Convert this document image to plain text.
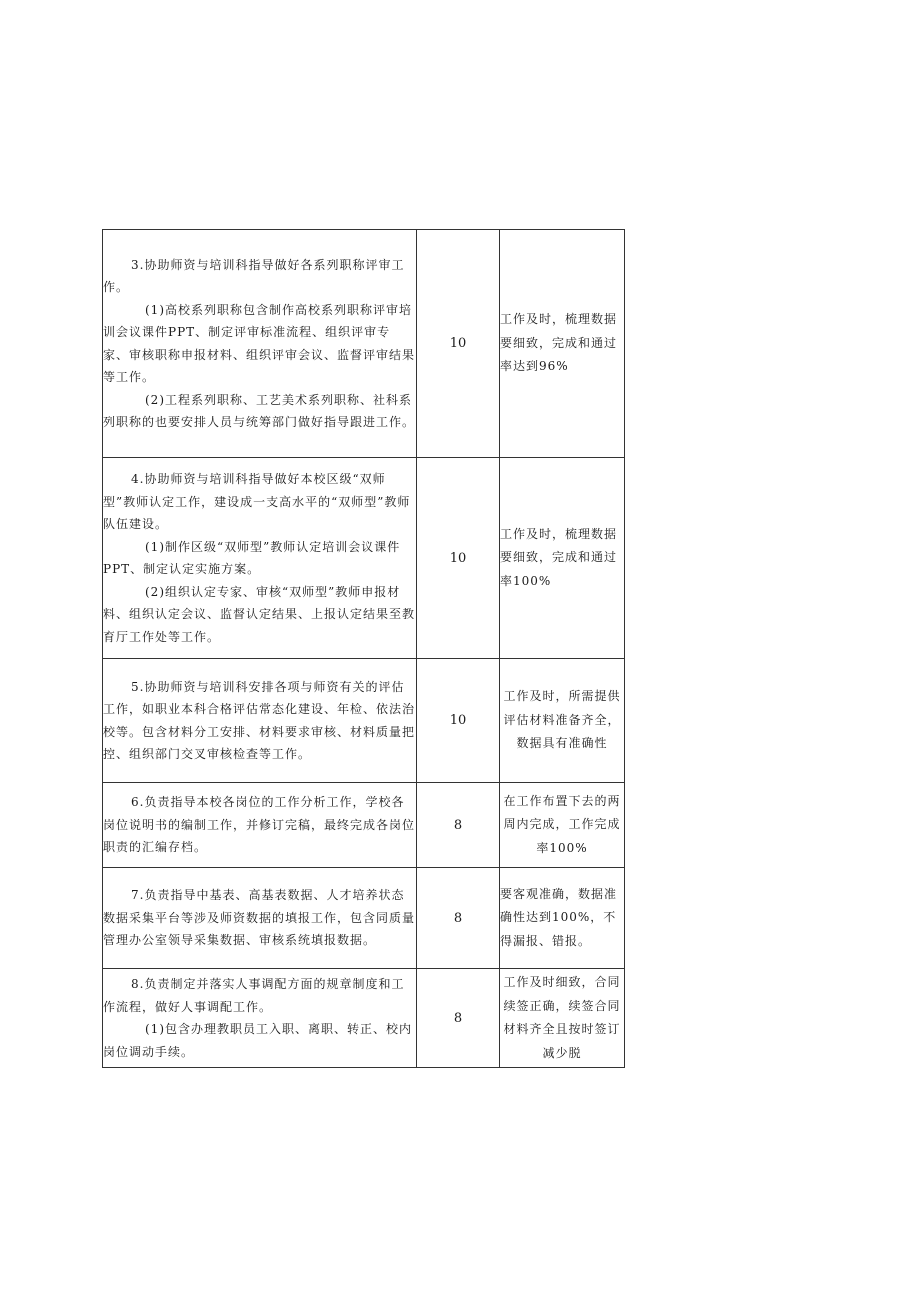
3.协助师资与培训科指导做好各系列职称评审工作。

(1)高校系列职称包含制作高校系列职称评审培训会议课件PPT、制定评审标准流程、组织评审专家、审核职称申报材料、组织评审会议、监督评审结果等工作。

(2)工程系列职称、工艺美术系列职称、社科系列职称的也要安排人员与统筹部门做好指导跟进工作。	10	工作及时，梳理数据要细致，完成和通过率达到96%

4.协助师资与培训科指导做好本校区级“双师型”教师认定工作，建设成一支高水平的“双师型”教师队伍建设。

(1)制作区级“双师型”教师认定培训会议课件PPT、制定认定实施方案。

(2)组织认定专家、审核“双师型”教师申报材料、组织认定会议、监督认定结果、上报认定结果至教育厅工作处等工作。	10	工作及时，梳理数据要细致，完成和通过率100%

5.协助师资与培训科安排各项与师资有关的评估工作，如职业本科合格评估常态化建设、年检、依法治校等。包含材料分工安排、材料要求审核、材料质量把控、组织部门交叉审核检查等工作。	10	工作及时，所需提供评估材料准备齐全，数据具有准确性

6.负责指导本校各岗位的工作分析工作，学校各岗位说明书的编制工作，并修订完稿，最终完成各岗位职责的汇编存档。	8	在工作布置下去的两周内完成，工作完成率100%

7.负责指导中基表、高基表数据、人才培养状态数据采集平台等涉及师资数据的填报工作，包含同质量管理办公室领导采集数据、审核系统填报数据。	8	要客观准确，数据准确性达到100%，不得漏报、错报。

8.负责制定并落实人事调配方面的规章制度和工作流程，做好人事调配工作。

(1)包含办理教职员工入职、离职、转正、校内岗位调动手续。	8	工作及时细致，合同续签正确，续签合同材料齐全且按时签订减少脱
